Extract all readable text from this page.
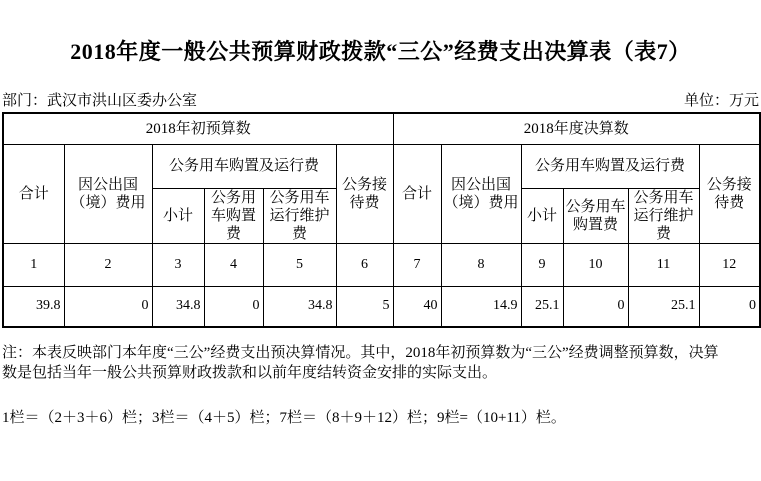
2018年度一般公共预算财政拨款“三公”经费支出决算表（表7）
部门：武汉市洪山区委办公室	单位：万元
2018年初预算数						2018年度决算数					
合计	因公出国（境）费用	公务用车购置及运行费			公务接待费	合计	因公出国（境）费用	公务用车购置及运行费			公务接待费
		小计	公务用车购置费	公务用车运行维护费				小计	公务用车购置费	公务用车运行维护费	
1	2	3	4	5	6	7	8	9	10	11	12
39.8	0	34.8	0	34.8	5	40	14.9	25.1	0	25.1	0
注：本表反映部门本年度“三公”经费支出预决算情况。其中，2018年初预算数为“三公”经费调整预算数，决算
数是包括当年一般公共预算财政拨款和以前年度结转资金安排的实际支出。
1栏＝（2＋3＋6）栏；3栏＝（4＋5）栏；7栏＝（8＋9＋12）栏；9栏=（10+11）栏。
